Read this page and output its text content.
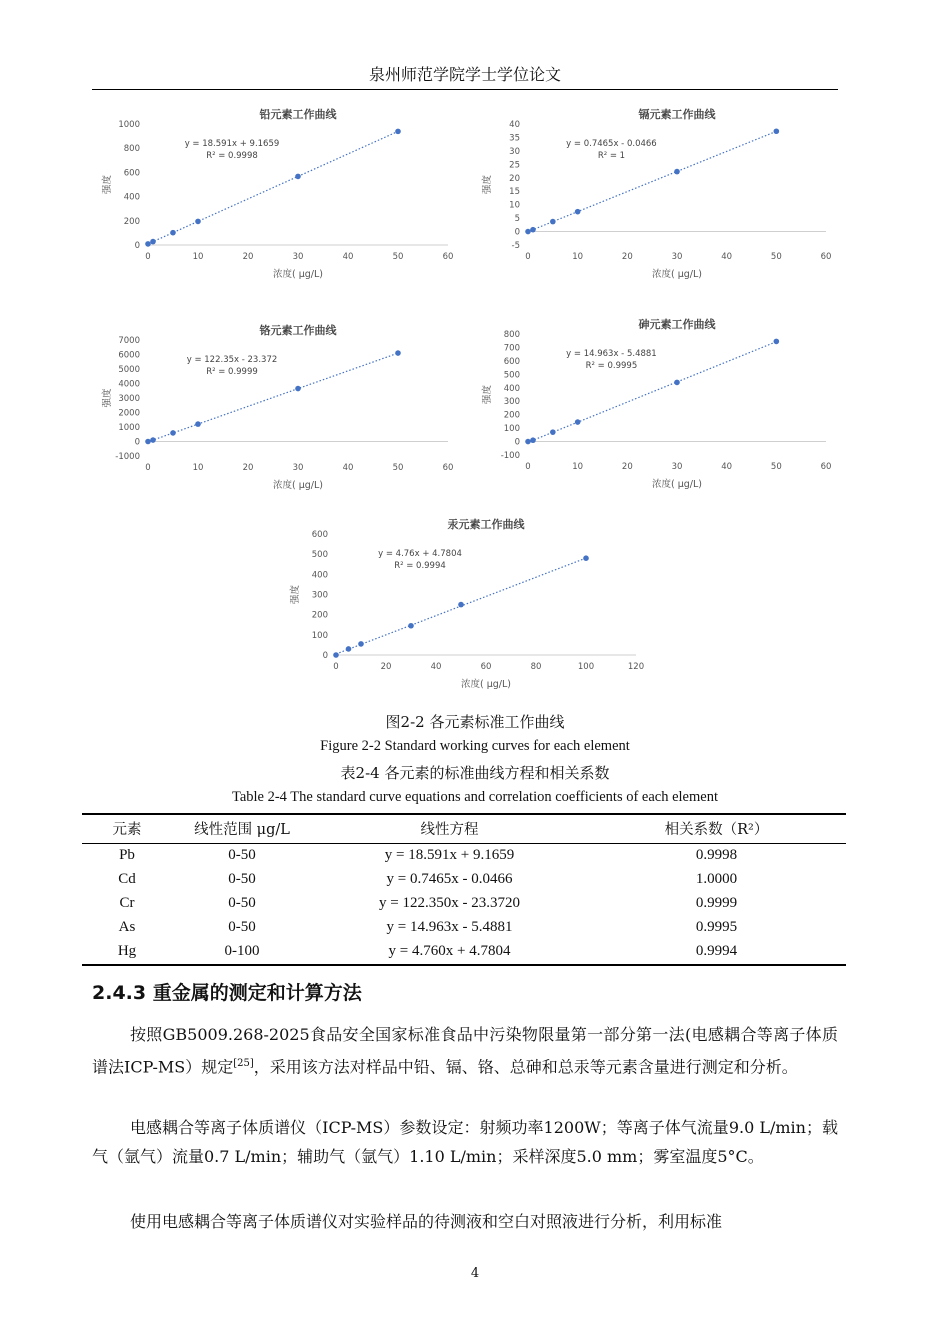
泉州师范学院学士学位论文
铅元素工作曲线
0
200
400
600
800
1000
0	10	20	30	40	50	60
浓度( μg/L)
强度
y = 18.591x + 9.1659
R² = 0.9998
镉元素工作曲线
-5
0
5
10
15
20
25
30
35
40
0	10	20	30	40	50	60
浓度( μg/L)
强度
y = 0.7465x - 0.0466
R² = 1
铬元素工作曲线
-1000
0
1000
2000
3000
4000
5000
6000
7000
0	10	20	30	40	50	60
浓度( μg/L)
强度
y = 122.35x - 23.372
R² = 0.9999
砷元素工作曲线
-100
0
100
200
300
400
500
600
700
800
0	10	20	30	40	50	60
浓度( μg/L)
强度
y = 14.963x - 5.4881
R² = 0.9995
汞元素工作曲线
0
100
200
300
400
500
600
0	20	40	60	80	100	120
浓度( μg/L)
强度
y = 4.76x + 4.7804
R² = 0.9994
图2-2 各元素标准工作曲线
Figure 2-2 Standard working curves for each element
表2-4 各元素的标准曲线方程和相关系数
Table 2-4 The standard curve equations and correlation coefficients of each element
元素	线性范围 μg/L	线性方程	相关系数（R²）
Pb	0-50	y = 18.591x + 9.1659	0.9998
Cd	0-50	y = 0.7465x - 0.0466	1.0000
Cr	0-50	y = 122.350x - 23.3720	0.9999
As	0-50	y = 14.963x - 5.4881	0.9995
Hg	0-100	y = 4.760x + 4.7804	0.9994
2.4.3 重金属的测定和计算方法
按照GB5009.268-2025食品安全国家标准食品中污染物限量第一部分第一法(电感耦合等离子体质谱法ICP-MS）规定[25]，采用该方法对样品中铅、镉、铬、总砷和总汞等元素含量进行测定和分析。
电感耦合等离子体质谱仪（ICP-MS）参数设定：射频功率1200W；等离子体气流量9.0 L/min；载气（氩气）流量0.7 L/min；辅助气（氩气）1.10 L/min；采样深度5.0 mm；雾室温度5°C。
使用电感耦合等离子体质谱仪对实验样品的待测液和空白对照液进行分析，利用标准
4
